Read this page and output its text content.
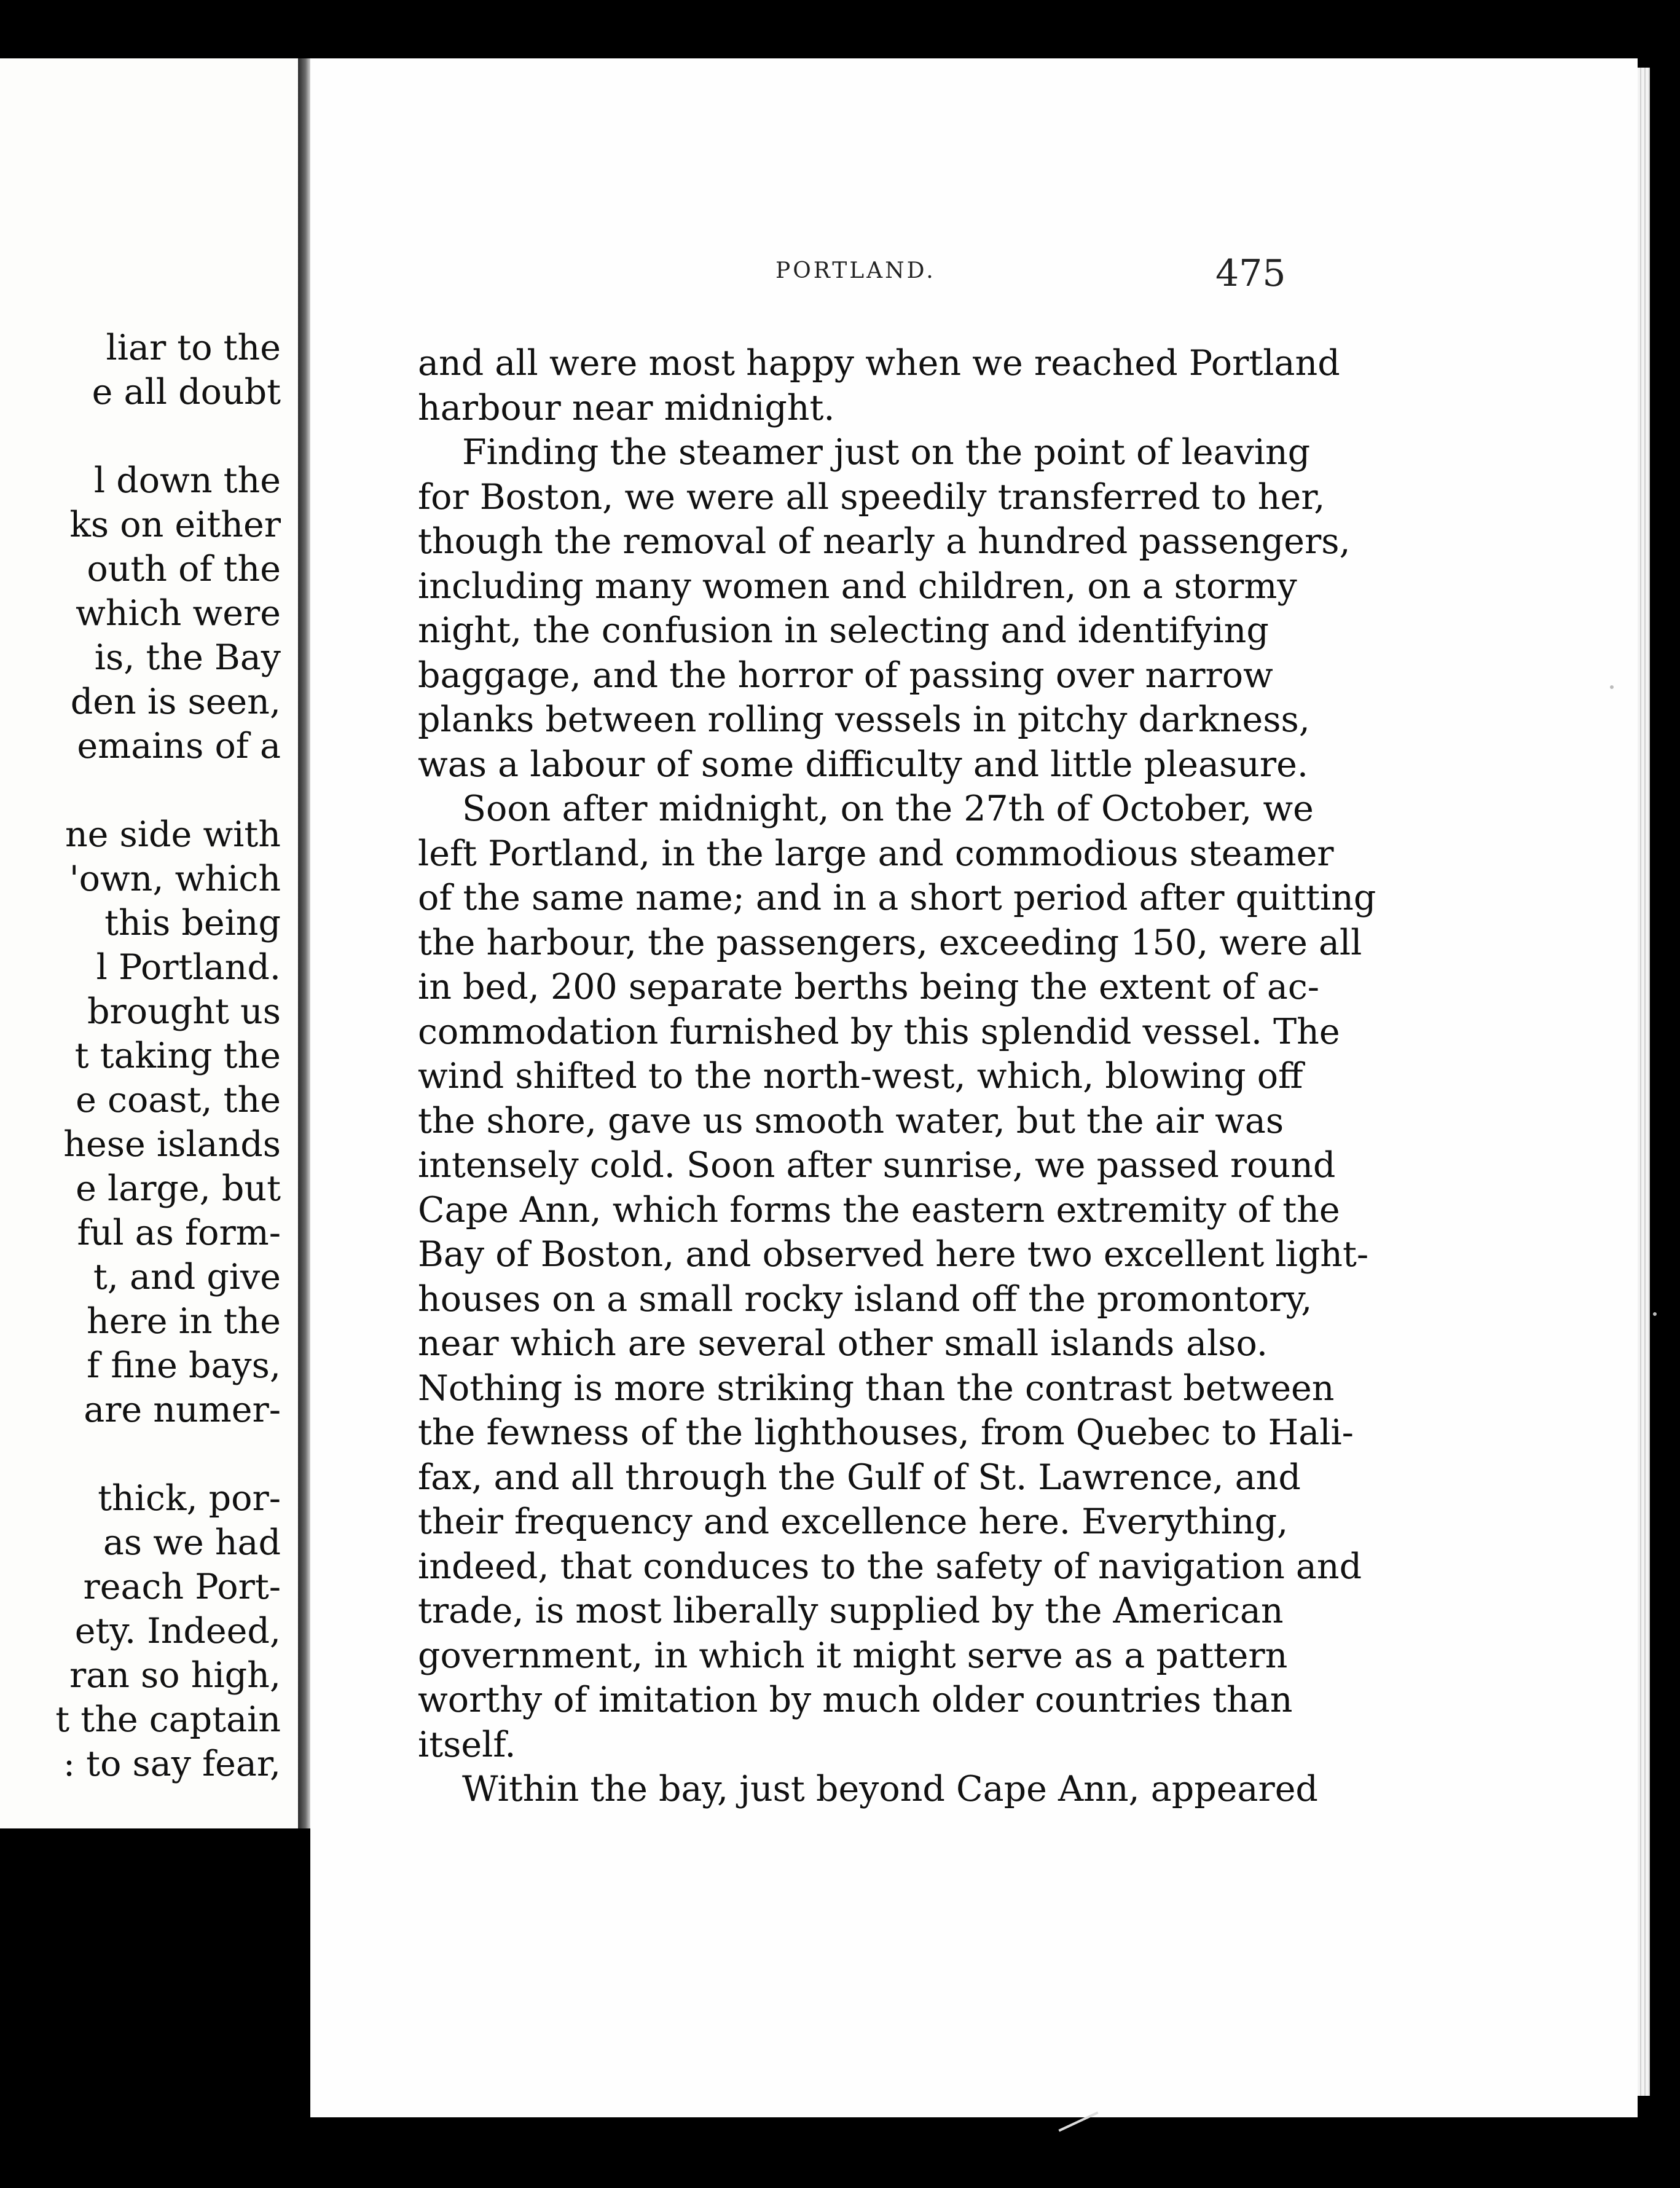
liar to the
e all doubt
l down the
ks on either
outh of the
which were
is, the Bay
den is seen,
emains of a
ne side with
'own, which
this being
l Portland.
brought us
t taking the
e coast, the
hese islands
e large, but
ful as form-
t, and give
here in the
f fine bays,
are numer-
thick, por-
as we had
reach Port-
ety. Indeed,
ran so high,
t the captain
: to say fear,
PORTLAND.	475
and all were most happy when we reached Portland
harbour near midnight.
Finding the steamer just on the point of leaving
for Boston, we were all speedily transferred to her,
though the removal of nearly a hundred passengers,
including many women and children, on a stormy
night, the confusion in selecting and identifying
baggage, and the horror of passing over narrow
planks between rolling vessels in pitchy darkness,
was a labour of some difficulty and little pleasure.
Soon after midnight, on the 27th of October, we
left Portland, in the large and commodious steamer
of the same name; and in a short period after quitting
the harbour, the passengers, exceeding 150, were all
in bed, 200 separate berths being the extent of ac-
commodation furnished by this splendid vessel. The
wind shifted to the north-west, which, blowing off
the shore, gave us smooth water, but the air was
intensely cold. Soon after sunrise, we passed round
Cape Ann, which forms the eastern extremity of the
Bay of Boston, and observed here two excellent light-
houses on a small rocky island off the promontory,
near which are several other small islands also.
Nothing is more striking than the contrast between
the fewness of the lighthouses, from Quebec to Hali-
fax, and all through the Gulf of St. Lawrence, and
their frequency and excellence here. Everything,
indeed, that conduces to the safety of navigation and
trade, is most liberally supplied by the American
government, in which it might serve as a pattern
worthy of imitation by much older countries than
itself.
Within the bay, just beyond Cape Ann, appeared
